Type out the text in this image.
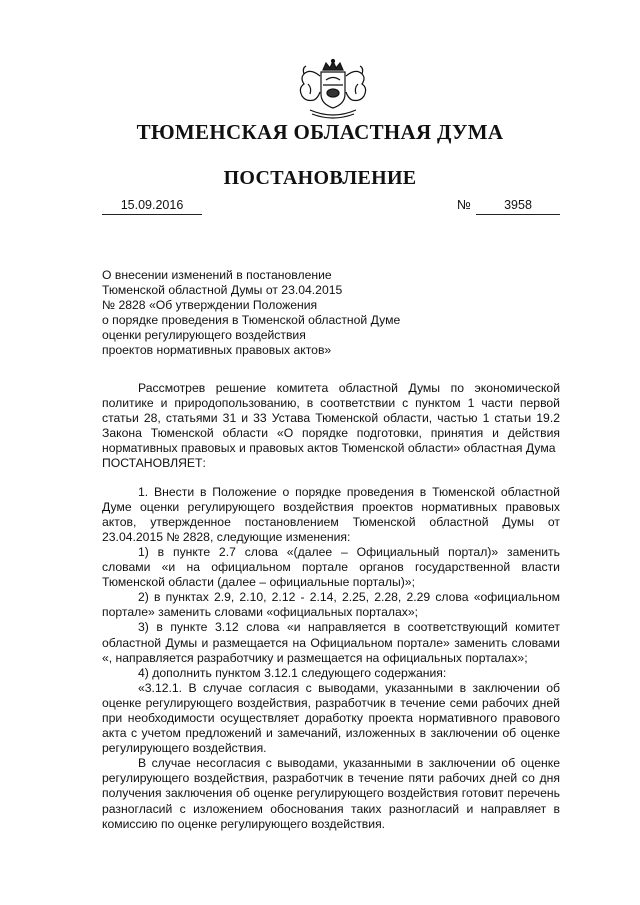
ТЮМЕНСКАЯ ОБЛАСТНАЯ ДУМА
ПОСТАНОВЛЕНИЕ
15.09.2016	№	3958
О внесении изменений в постановление
Тюменской областной Думы от 23.04.2015
№ 2828 «Об утверждении Положения
о порядке проведения в Тюменской областной Думе
оценки регулирующего воздействия
проектов нормативных правовых актов»

Рассмотрев решение комитета областной Думы по экономической политике и природопользованию, в соответствии с пунктом 1 части первой статьи 28, статьями 31 и 33 Устава Тюменской области, частью 1 статьи 19.2 Закона Тюменской области «О порядке подготовки, принятия и действия нормативных правовых и правовых актов Тюменской области» областная Дума

ПОСТАНОВЛЯЕТ:

1. Внести в Положение о порядке проведения в Тюменской областной Думе оценки регулирующего воздействия проектов нормативных правовых актов, утвержденное постановлением Тюменской областной Думы от 23.04.2015 № 2828, следующие изменения:

1) в пункте 2.7 слова «(далее – Официальный портал)» заменить словами «и на официальном портале органов государственной власти Тюменской области (далее – официальные порталы)»;

2) в пунктах 2.9, 2.10, 2.12 - 2.14, 2.25, 2.28, 2.29 слова «официальном портале» заменить словами «официальных порталах»;

3) в пункте 3.12 слова «и направляется в соответствующий комитет областной Думы и размещается на Официальном портале» заменить словами «, направляется разработчику и размещается на официальных порталах»;

4) дополнить пунктом 3.12.1 следующего содержания:

«3.12.1. В случае согласия с выводами, указанными в заключении об оценке регулирующего воздействия, разработчик в течение семи рабочих дней при необходимости осуществляет доработку проекта нормативного правового акта с учетом предложений и замечаний, изложенных в заключении об оценке регулирующего воздействия.

В случае несогласия с выводами, указанными в заключении об оценке регулирующего воздействия, разработчик в течение пяти рабочих дней со дня получения заключения об оценке регулирующего воздействия готовит перечень разногласий с изложением обоснования таких разногласий и направляет в комиссию по оценке регулирующего воздействия.
